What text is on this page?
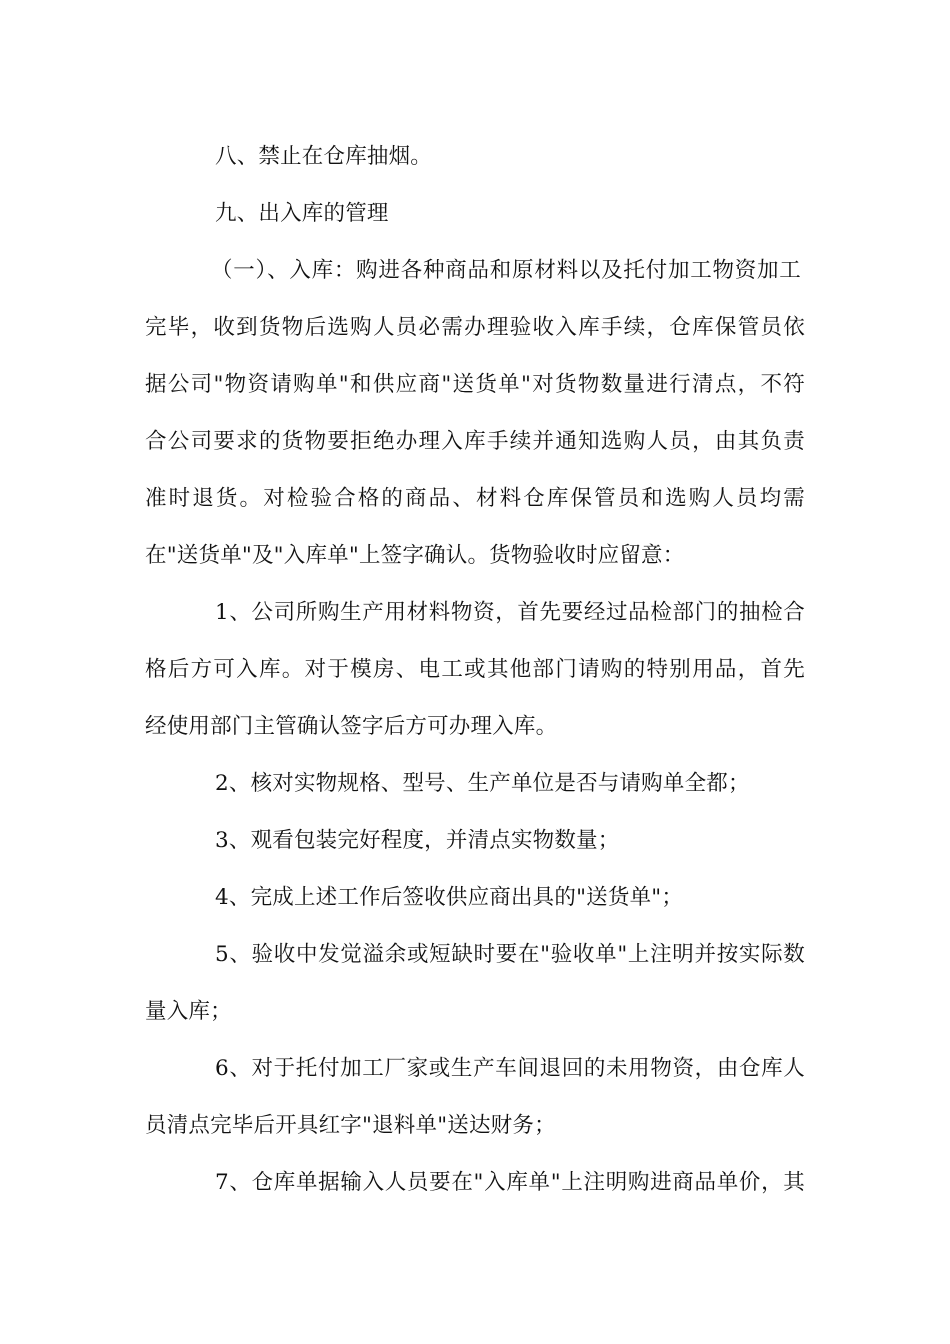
八、禁止在仓库抽烟。
九、出入库的管理
（一）、入库：购进各种商品和原材料以及托付加工物资加工
完毕，收到货物后选购人员必需办理验收入库手续，仓库保管员依
据公司"物资请购单"和供应商"送货单"对货物数量进行清点，不符
合公司要求的货物要拒绝办理入库手续并通知选购人员，由其负责
准时退货。对检验合格的商品、材料仓库保管员和选购人员均需
在"送货单"及"入库单"上签字确认。货物验收时应留意：
1、公司所购生产用材料物资，首先要经过品检部门的抽检合
格后方可入库。对于模房、电工或其他部门请购的特别用品，首先
经使用部门主管确认签字后方可办理入库。
2、核对实物规格、型号、生产单位是否与请购单全都；
3、观看包装完好程度，并清点实物数量；
4、完成上述工作后签收供应商出具的"送货单"；
5、验收中发觉溢余或短缺时要在"验收单"上注明并按实际数
量入库；
6、对于托付加工厂家或生产车间退回的未用物资，由仓库人
员清点完毕后开具红字"退料单"送达财务；
7、仓库单据输入人员要在"入库单"上注明购进商品单价，其
